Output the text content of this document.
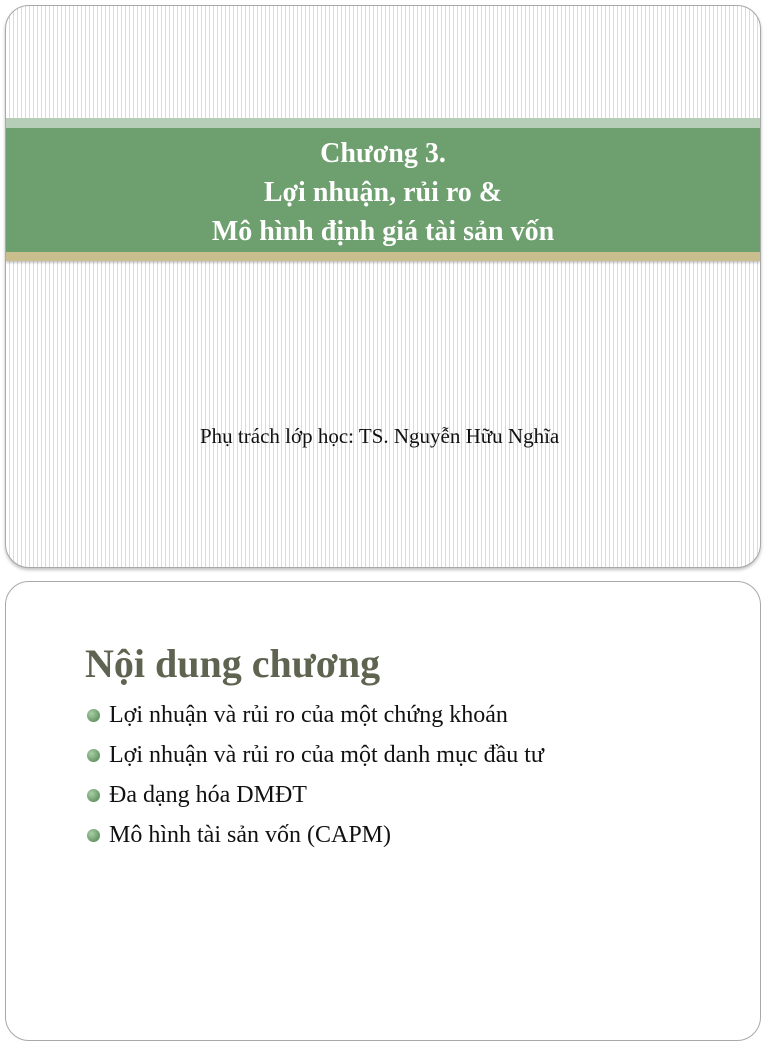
Chương 3.
Lợi nhuận, rủi ro &
Mô hình định giá tài sản vốn
Phụ trách lớp học: TS. Nguyễn Hữu Nghĩa
Nội dung chương
Lợi nhuận và rủi ro của một chứng khoán
Lợi nhuận và rủi ro của một danh mục đầu tư
Đa dạng hóa DMĐT
Mô hình tài sản vốn (CAPM)
